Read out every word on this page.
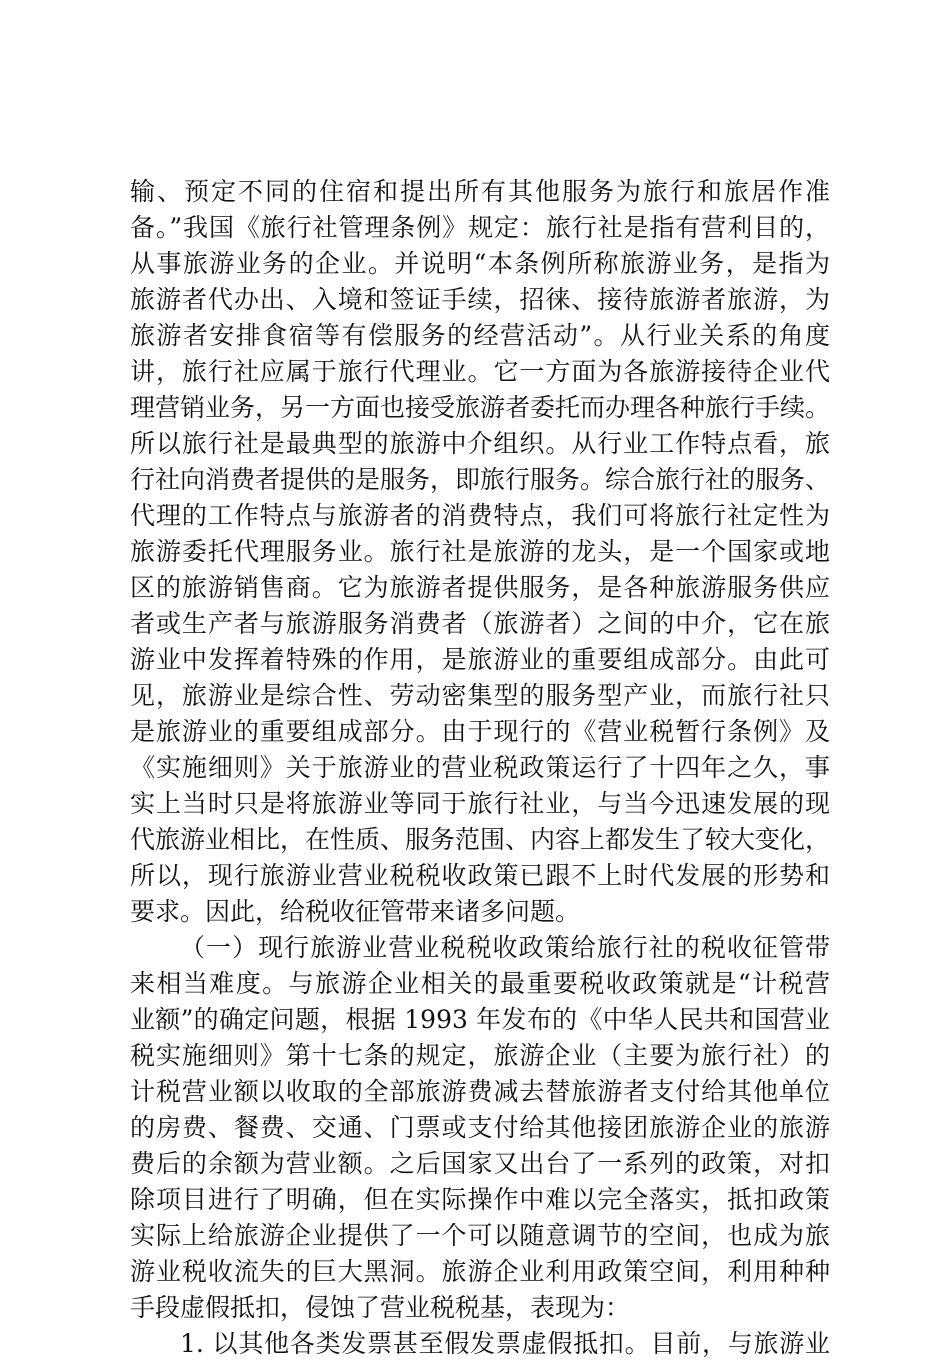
输、预定不同的住宿和提出所有其他服务为旅行和旅居作准
备。”我国《旅行社管理条例》规定：旅行社是指有营利目的，
从事旅游业务的企业。并说明“本条例所称旅游业务，是指为
旅游者代办出、入境和签证手续，招徕、接待旅游者旅游，为
旅游者安排食宿等有偿服务的经营活动”。从行业关系的角度
讲，旅行社应属于旅行代理业。它一方面为各旅游接待企业代
理营销业务，另一方面也接受旅游者委托而办理各种旅行手续。
所以旅行社是最典型的旅游中介组织。从行业工作特点看，旅
行社向消费者提供的是服务，即旅行服务。综合旅行社的服务、
代理的工作特点与旅游者的消费特点，我们可将旅行社定性为
旅游委托代理服务业。旅行社是旅游的龙头，是一个国家或地
区的旅游销售商。它为旅游者提供服务，是各种旅游服务供应
者或生产者与旅游服务消费者（旅游者）之间的中介，它在旅
游业中发挥着特殊的作用，是旅游业的重要组成部分。由此可
见，旅游业是综合性、劳动密集型的服务型产业，而旅行社只
是旅游业的重要组成部分。由于现行的《营业税暂行条例》及
《实施细则》关于旅游业的营业税政策运行了十四年之久，事
实上当时只是将旅游业等同于旅行社业，与当今迅速发展的现
代旅游业相比，在性质、服务范围、内容上都发生了较大变化，
所以，现行旅游业营业税税收政策已跟不上时代发展的形势和
要求。因此，给税收征管带来诸多问题。
（一）现行旅游业营业税税收政策给旅行社的税收征管带
来相当难度。与旅游企业相关的最重要税收政策就是“计税营
业额”的确定问题，根据 1993 年发布的《中华人民共和国营业
税实施细则》第十七条的规定，旅游企业（主要为旅行社）的
计税营业额以收取的全部旅游费减去替旅游者支付给其他单位
的房费、餐费、交通、门票或支付给其他接团旅游企业的旅游
费后的余额为营业额。之后国家又出台了一系列的政策，对扣
除项目进行了明确，但在实际操作中难以完全落实，抵扣政策
实际上给旅游企业提供了一个可以随意调节的空间，也成为旅
游业税收流失的巨大黑洞。旅游企业利用政策空间，利用种种
手段虚假抵扣，侵蚀了营业税税基，表现为：
1. 以其他各类发票甚至假发票虚假抵扣。目前，与旅游业
